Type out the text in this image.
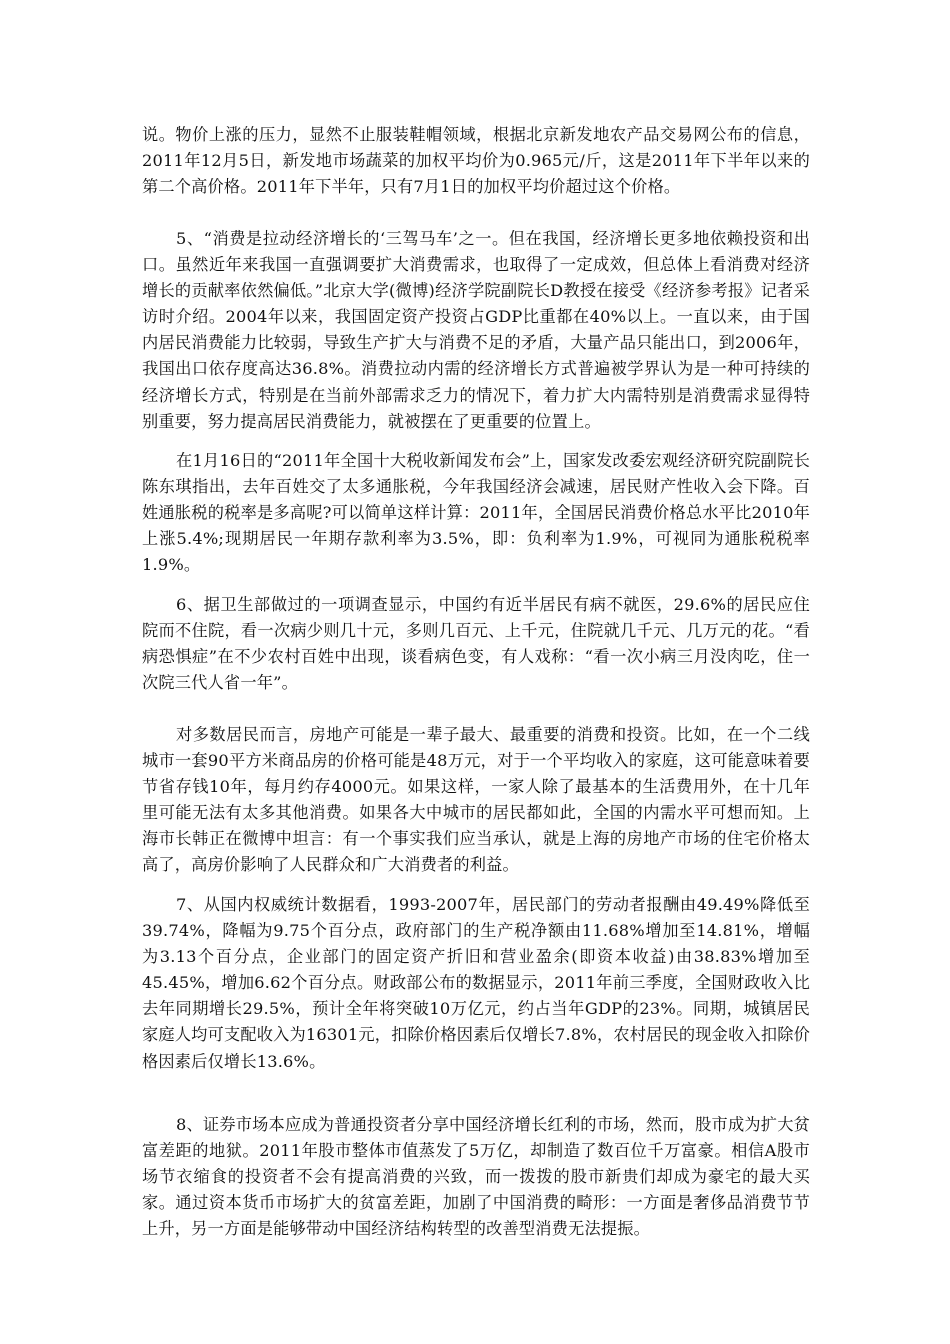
说。物价上涨的压力，显然不止服装鞋帽领域，根据北京新发地农产品交易网公布的信息，2011年12月5日，新发地市场蔬菜的加权平均价为0.965元/斤，这是2011年下半年以来的第二个高价格。2011年下半年，只有7月1日的加权平均价超过这个价格。

5、“消费是拉动经济增长的‘三驾马车’之一。但在我国，经济增长更多地依赖投资和出口。虽然近年来我国一直强调要扩大消费需求，也取得了一定成效，但总体上看消费对经济增长的贡献率依然偏低。”北京大学(微博)经济学院副院长D教授在接受《经济参考报》记者采访时介绍。2004年以来，我国固定资产投资占GDP比重都在40%以上。一直以来，由于国内居民消费能力比较弱，导致生产扩大与消费不足的矛盾，大量产品只能出口，到2006年，我国出口依存度高达36.8%。消费拉动内需的经济增长方式普遍被学界认为是一种可持续的经济增长方式，特别是在当前外部需求乏力的情况下，着力扩大内需特别是消费需求显得特别重要，努力提高居民消费能力，就被摆在了更重要的位置上。

在1月16日的“2011年全国十大税收新闻发布会”上，国家发改委宏观经济研究院副院长陈东琪指出，去年百姓交了太多通胀税，今年我国经济会减速，居民财产性收入会下降。百姓通胀税的税率是多高呢?可以简单这样计算：2011年，全国居民消费价格总水平比2010年上涨5.4%;现期居民一年期存款利率为3.5%，即：负利率为1.9%，可视同为通胀税税率1.9%。

6、据卫生部做过的一项调查显示，中国约有近半居民有病不就医，29.6%的居民应住院而不住院，看一次病少则几十元，多则几百元、上千元，住院就几千元、几万元的花。“看病恐惧症”在不少农村百姓中出现，谈看病色变，有人戏称：“看一次小病三月没肉吃，住一次院三代人省一年”。

对多数居民而言，房地产可能是一辈子最大、最重要的消费和投资。比如，在一个二线城市一套90平方米商品房的价格可能是48万元，对于一个平均收入的家庭，这可能意味着要节省存钱10年，每月约存4000元。如果这样，一家人除了最基本的生活费用外，在十几年里可能无法有太多其他消费。如果各大中城市的居民都如此，全国的内需水平可想而知。上海市长韩正在微博中坦言：有一个事实我们应当承认，就是上海的房地产市场的住宅价格太高了，高房价影响了人民群众和广大消费者的利益。

7、从国内权威统计数据看，1993-2007年，居民部门的劳动者报酬由49.49%降低至39.74%，降幅为9.75个百分点，政府部门的生产税净额由11.68%增加至14.81%，增幅为3.13个百分点，企业部门的固定资产折旧和营业盈余(即资本收益)由38.83%增加至45.45%，增加6.62个百分点。财政部公布的数据显示，2011年前三季度，全国财政收入比去年同期增长29.5%，预计全年将突破10万亿元，约占当年GDP的23%。同期，城镇居民家庭人均可支配收入为16301元，扣除价格因素后仅增长7.8%，农村居民的现金收入扣除价格因素后仅增长13.6%。

8、证券市场本应成为普通投资者分享中国经济增长红利的市场，然而，股市成为扩大贫富差距的地狱。2011年股市整体市值蒸发了5万亿，却制造了数百位千万富豪。相信A股市场节衣缩食的投资者不会有提高消费的兴致，而一拨拨的股市新贵们却成为豪宅的最大买家。通过资本货币市场扩大的贫富差距，加剧了中国消费的畸形：一方面是奢侈品消费节节上升，另一方面是能够带动中国经济结构转型的改善型消费无法提振。
